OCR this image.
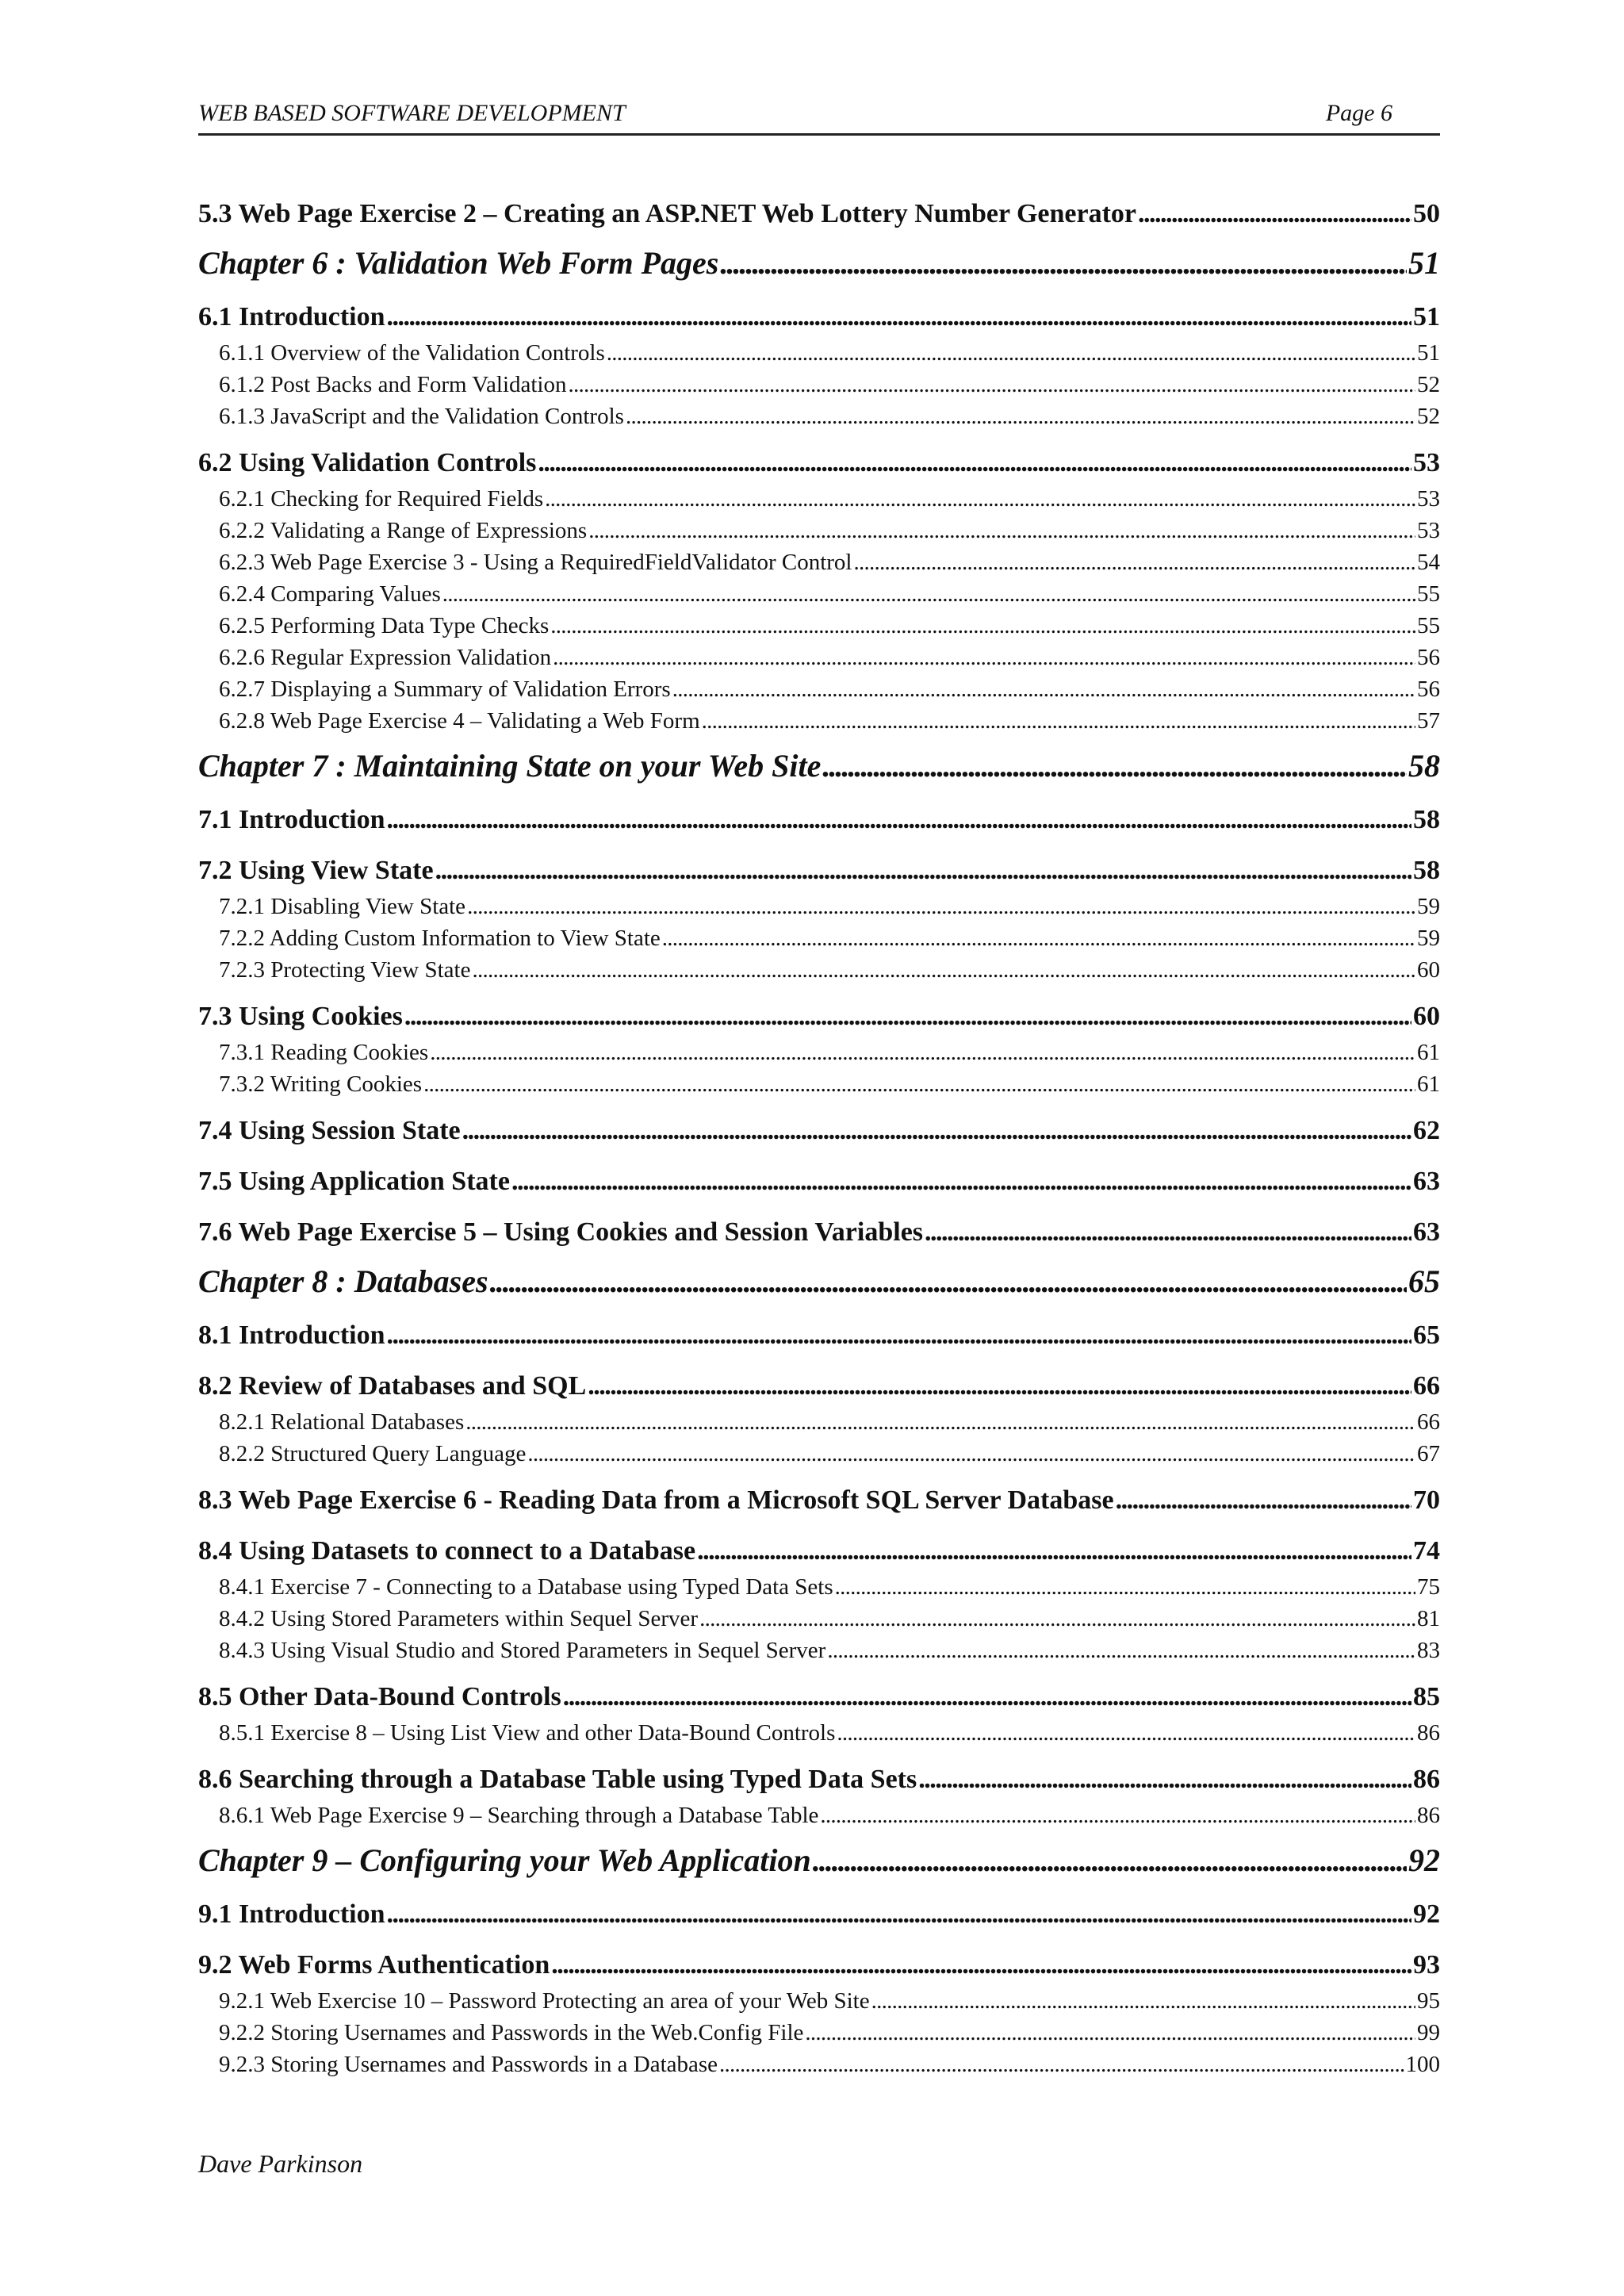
WEB BASED SOFTWARE DEVELOPMENT	Page 6
5.3 Web Page Exercise 2 – Creating an ASP.NET Web Lottery Number Generator . . .	50
Chapter 6 : Validation Web Form Pages . . .	51
6.1 Introduction . . .	51
6.1.1 Overview of the Validation Controls . . .	51
6.1.2 Post Backs and Form Validation . . .	52
6.1.3 JavaScript and the Validation Controls . . .	52
6.2 Using Validation Controls . . .	53
6.2.1 Checking for Required Fields . . .	53
6.2.2 Validating a Range of Expressions . . .	53
6.2.3 Web Page Exercise 3 - Using a RequiredFieldValidator Control . . .	54
6.2.4 Comparing Values . . .	55
6.2.5 Performing Data Type Checks . . .	55
6.2.6 Regular Expression Validation . . .	56
6.2.7 Displaying a Summary of Validation Errors . . .	56
6.2.8 Web Page Exercise 4 – Validating a Web Form . . .	57
Chapter 7 : Maintaining State on your Web Site . . .	58
7.1 Introduction . . .	58
7.2 Using View State . . .	58
7.2.1 Disabling View State . . .	59
7.2.2 Adding Custom Information to View State . . .	59
7.2.3 Protecting View State . . .	60
7.3 Using Cookies . . .	60
7.3.1 Reading Cookies . . .	61
7.3.2 Writing Cookies . . .	61
7.4 Using Session State . . .	62
7.5 Using Application State . . .	63
7.6 Web Page Exercise 5 – Using Cookies and Session Variables . . .	63
Chapter 8 : Databases . . .	65
8.1 Introduction . . .	65
8.2 Review of Databases and SQL . . .	66
8.2.1 Relational Databases . . .	66
8.2.2 Structured Query Language . . .	67
8.3 Web Page Exercise 6 - Reading Data from a Microsoft SQL Server Database . . .	70
8.4 Using Datasets to connect to a Database . . .	74
8.4.1 Exercise 7 - Connecting to a Database using Typed Data Sets . . .	75
8.4.2 Using Stored Parameters within Sequel Server . . .	81
8.4.3 Using Visual Studio and Stored Parameters in Sequel Server . . .	83
8.5 Other Data-Bound Controls . . .	85
8.5.1 Exercise 8 – Using List View and other Data-Bound Controls . . .	86
8.6 Searching through a Database Table using Typed Data Sets . . .	86
8.6.1 Web Page Exercise 9 – Searching through a Database Table . . .	86
Chapter 9 – Configuring your Web Application . . .	92
9.1 Introduction . . .	92
9.2 Web Forms Authentication . . .	93
9.2.1 Web Exercise 10 – Password Protecting an area of your Web Site . . .	95
9.2.2 Storing Usernames and Passwords in the Web.Config File . . .	99
9.2.3 Storing Usernames and Passwords in a Database . . .	100
Dave Parkinson
